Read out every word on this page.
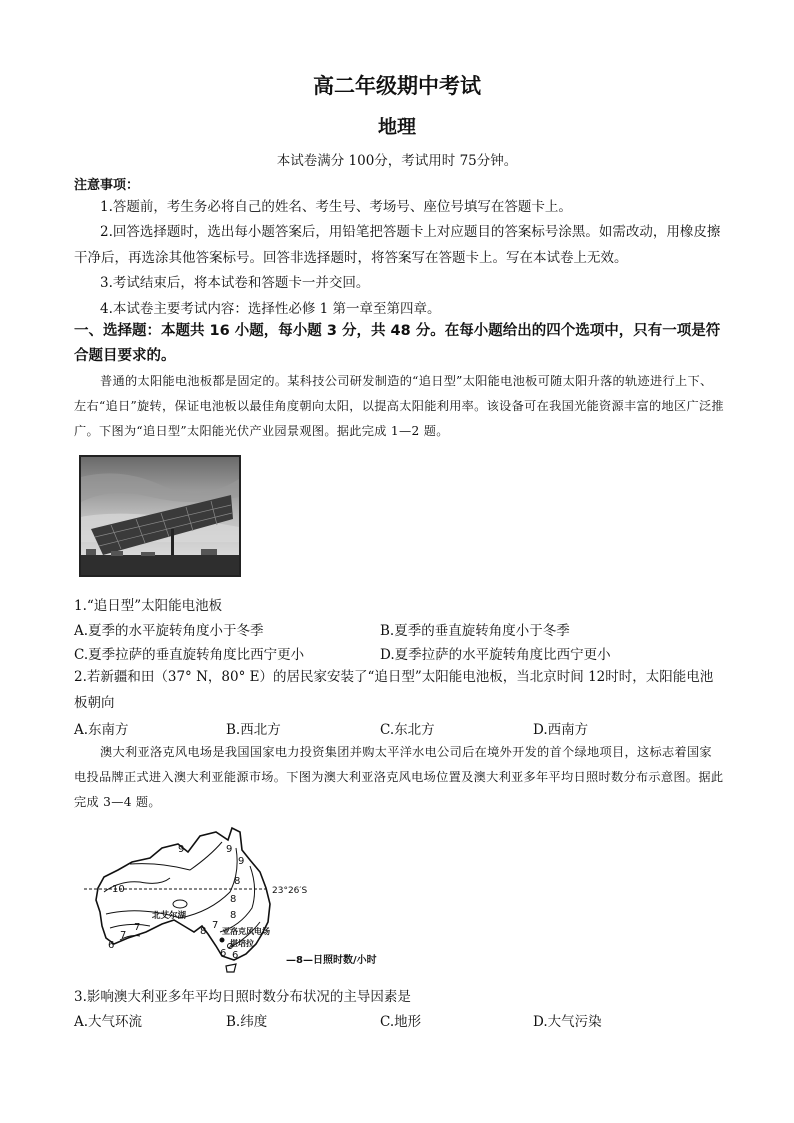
高二年级期中考试
地理
本试卷满分 100分，考试用时 75分钟。
注意事项：
1.答题前，考生务必将自己的姓名、考生号、考场号、座位号填写在答题卡上。
2.回答选择题时，选出每小题答案后，用铅笔把答题卡上对应题目的答案标号涂黑。如需改动，用橡皮擦干净后，再选涂其他答案标号。回答非选择题时，将答案写在答题卡上。写在本试卷上无效。
3.考试结束后，将本试卷和答题卡一并交回。
4.本试卷主要考试内容：选择性必修 1 第一章至第四章。
一、选择题：本题共 16 小题，每小题 3 分，共 48 分。在每小题给出的四个选项中，只有一项是符合题目要求的。
普通的太阳能电池板都是固定的。某科技公司研发制造的“追日型”太阳能电池板可随太阳升落的轨迹进行上下、左右“追日”旋转，保证电池板以最佳角度朝向太阳，以提高太阳能利用率。该设备可在我国光能资源丰富的地区广泛推广。下图为“追日型”太阳能光伏产业园景观图。据此完成 1—2 题。
1.“追日型”太阳能电池板
A.夏季的水平旋转角度小于冬季	B.夏季的垂直旋转角度小于冬季
C.夏季拉萨的垂直旋转角度比西宁更小	D.夏季拉萨的水平旋转角度比西宁更小
2.若新疆和田（37° N，80° E）的居民家安装了“追日型”太阳能电池板，当北京时间 12时时，太阳能电池板朝向
A.东南方	B.西北方	C.东北方	D.西南方
澳大利亚洛克风电场是我国国家电力投资集团并购太平洋水电公司后在境外开发的首个绿地项目，这标志着国家电投品牌正式进入澳大利亚能源市场。下图为澳大利亚洛克风电场位置及澳大利亚多年平均日照时数分布示意图。据此完成 3—4 题。
9	9
10
9
8
8
8
7
7
6
8
7
6 6
23°26′S
北艾尔湖
亚洛克风电场
堪培拉
—8—日照时数/小时
3.影响澳大利亚多年平均日照时数分布状况的主导因素是
A.大气环流	B.纬度	C.地形	D.大气污染
